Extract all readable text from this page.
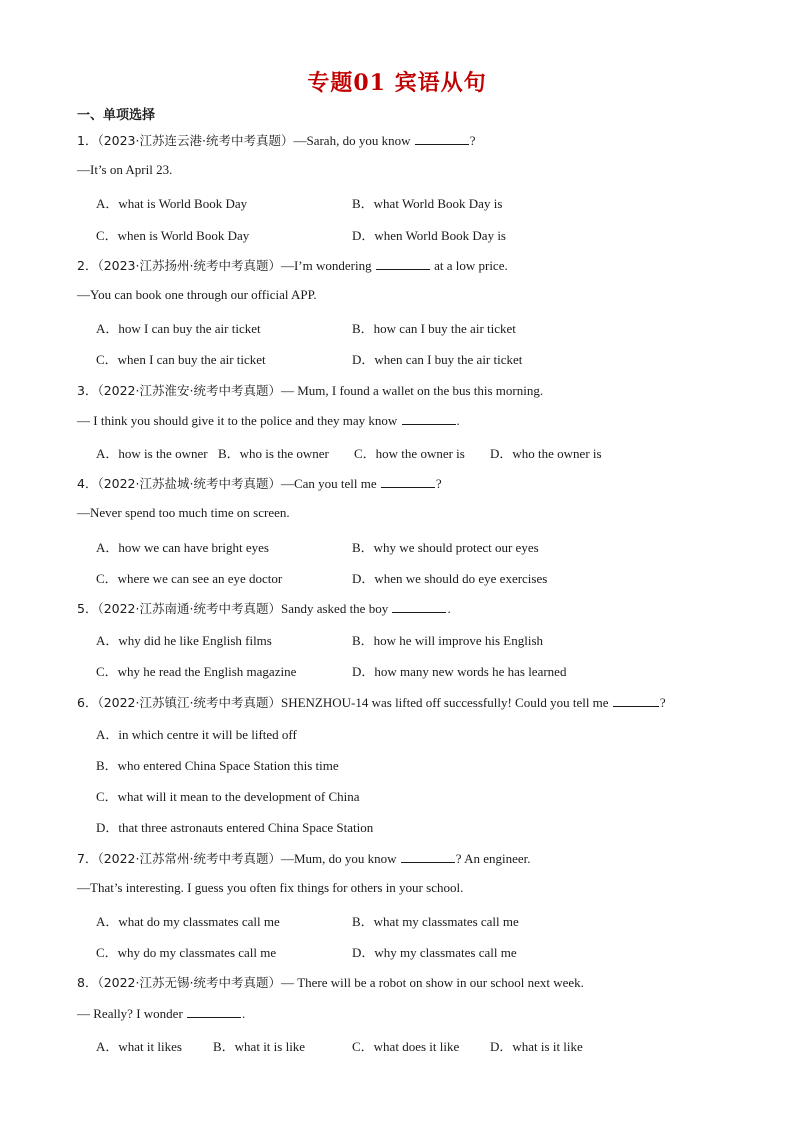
专题01 宾语从句
一、单项选择
1．（2023·江苏连云港·统考中考真题）—Sarah, do you know	?
—It’s on April 23.
A．what is World Book Day	B．what World Book Day is
C．when is World Book Day	D．when World Book Day is
2．（2023·江苏扬州·统考中考真题）—I’m wondering	at a low price.
—You can book one through our official APP.
A．how I can buy the air ticket	B．how can I buy the air ticket
C．when I can buy the air ticket	D．when can I buy the air ticket
3．（2022·江苏淮安·统考中考真题）— Mum, I found a wallet on the bus this morning.
— I think you should give it to the police and they may know	.
A．how is the owner B．who is the owner C．how the owner is D．who the owner is
4．（2022·江苏盐城·统考中考真题）—Can you tell me	?
—Never spend too much time on screen.
A．how we can have bright eyes	B．why we should protect our eyes
C．where we can see an eye doctor	D．when we should do eye exercises
5．（2022·江苏南通·统考中考真题）Sandy asked the boy	.
A．why did he like English films	B．how he will improve his English
C．why he read the English magazine	D．how many new words he has learned
6．（2022·江苏镇江·统考中考真题）SHENZHOU-14 was lifted off successfully! Could you tell me	?
A．in which centre it will be lifted off
B．who entered China Space Station this time
C．what will it mean to the development of China
D．that three astronauts entered China Space Station
7．（2022·江苏常州·统考中考真题）—Mum, do you know	? An engineer.
—That’s interesting. I guess you often fix things for others in your school.
A．what do my classmates call me	B．what my classmates call me
C．why do my classmates call me	D．why my classmates call me
8．（2022·江苏无锡·统考中考真题）— There will be a robot on show in our school next week.
— Really? I wonder	.
A．what it likes B．what it is like	C．what does it like D．what is it like
